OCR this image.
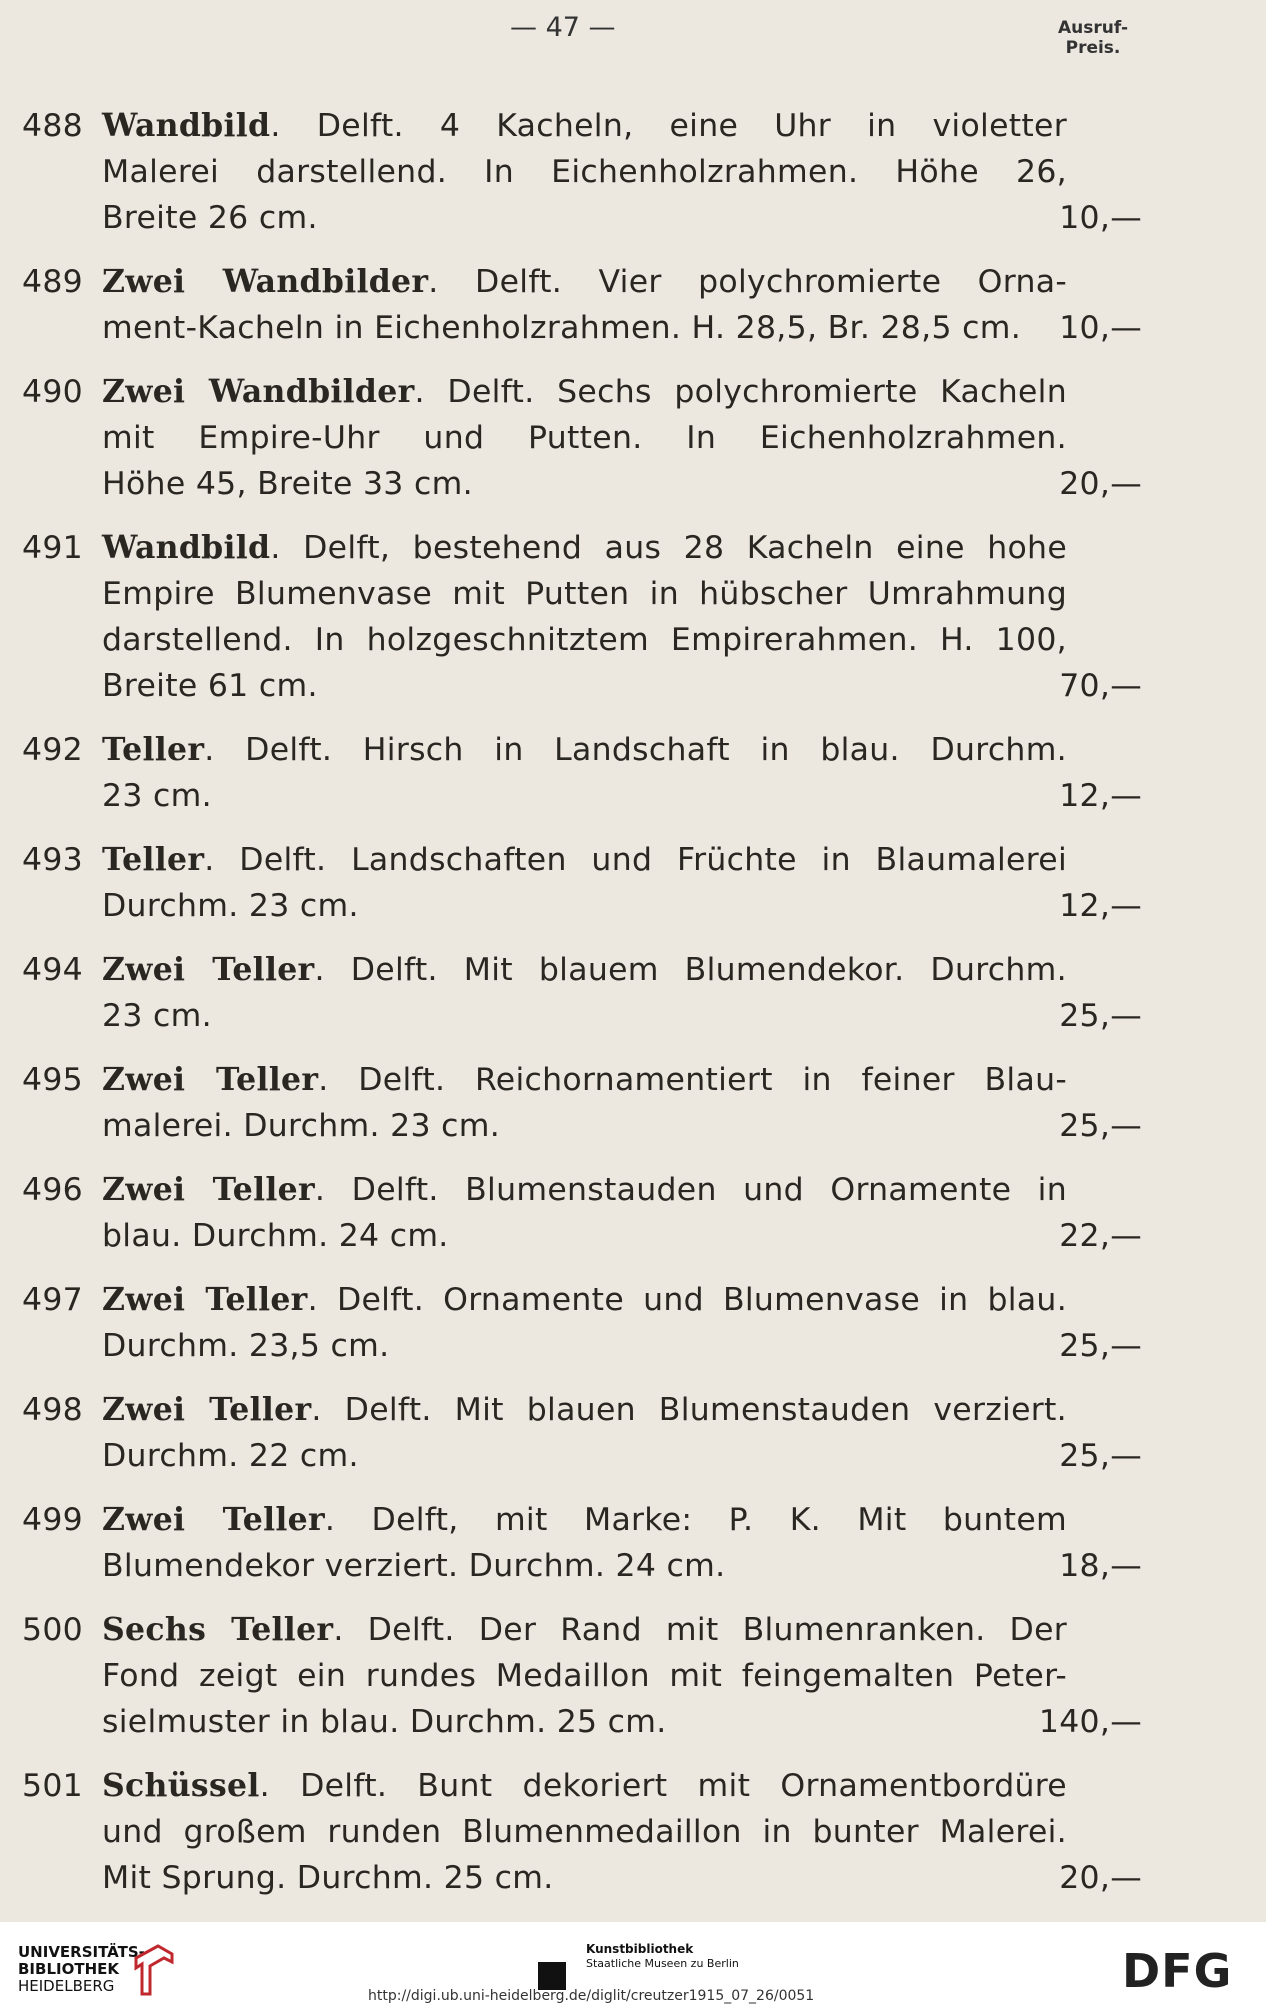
— 47 —	Ausruf-
Preis.
488 Wandbild. Delft. 4 Kacheln, eine Uhr in violetter
Malerei darstellend. In Eichenholzrahmen. Höhe 26,
Breite 26 cm.	10,—
489 Zwei Wandbilder. Delft. Vier polychromierte Orna-
ment-Kacheln in Eichenholzrahmen. H. 28,5, Br. 28,5 cm.	10,—
490 Zwei Wandbilder. Delft. Sechs polychromierte Kacheln
mit Empire-Uhr und Putten. In Eichenholzrahmen.
Höhe 45, Breite 33 cm.	20,—
491 Wandbild. Delft, bestehend aus 28 Kacheln eine hohe
Empire Blumenvase mit Putten in hübscher Umrahmung
darstellend. In holzgeschnitztem Empirerahmen. H. 100,
Breite 61 cm.	70,—
492 Teller. Delft. Hirsch in Landschaft in blau. Durchm.
23 cm.	12,—
493 Teller. Delft. Landschaften und Früchte in Blaumalerei
Durchm. 23 cm.	12,—
494 Zwei Teller. Delft. Mit blauem Blumendekor. Durchm.
23 cm.	25,—
495 Zwei Teller. Delft. Reichornamentiert in feiner Blau-
malerei. Durchm. 23 cm.	25,—
496 Zwei Teller. Delft. Blumenstauden und Ornamente in
blau. Durchm. 24 cm.	22,—
497 Zwei Teller. Delft. Ornamente und Blumenvase in blau.
Durchm. 23,5 cm.	25,—
498 Zwei Teller. Delft. Mit blauen Blumenstauden verziert.
Durchm. 22 cm.	25,—
499 Zwei Teller. Delft, mit Marke: P. K. Mit buntem
Blumendekor verziert. Durchm. 24 cm.	18,—
500 Sechs Teller. Delft. Der Rand mit Blumenranken. Der
Fond zeigt ein rundes Medaillon mit feingemalten Peter-
sielmuster in blau. Durchm. 25 cm.	140,—
501 Schüssel. Delft. Bunt dekoriert mit Ornamentbordüre
und großem runden Blumenmedaillon in bunter Malerei.
Mit Sprung. Durchm. 25 cm.	20,—
UNIVERSITÄTS-
BIBLIOTHEK
HEIDELBERG
Kunstbibliothek
Staatliche Museen zu Berlin	DFG
http://digi.ub.uni-heidelberg.de/diglit/creutzer1915_07_26/0051
